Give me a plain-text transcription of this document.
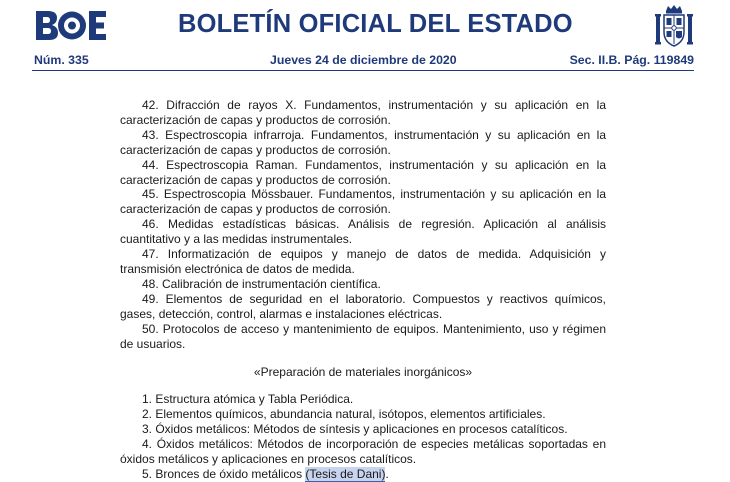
BOLETÍN OFICIAL DEL ESTADO
Núm. 335	Jueves 24 de diciembre de 2020	Sec. II.B. Pág. 119849

42. Difracción de rayos X. Fundamentos, instrumentación y su aplicación en la caracterización de capas y productos de corrosión.

43. Espectroscopia infrarroja. Fundamentos, instrumentación y su aplicación en la caracterización de capas y productos de corrosión.

44. Espectroscopia Raman. Fundamentos, instrumentación y su aplicación en la caracterización de capas y productos de corrosión.

45. Espectroscopia Mössbauer. Fundamentos, instrumentación y su aplicación en la caracterización de capas y productos de corrosión.

46. Medidas estadísticas básicas. Análisis de regresión. Aplicación al análisis cuantitativo y a las medidas instrumentales.

47. Informatización de equipos y manejo de datos de medida. Adquisición y transmisión electrónica de datos de medida.

48. Calibración de instrumentación científica.

49. Elementos de seguridad en el laboratorio. Compuestos y reactivos químicos, gases, detección, control, alarmas e instalaciones eléctricas.

50. Protocolos de acceso y mantenimiento de equipos. Mantenimiento, uso y régimen de usuarios.

«Preparación de materiales inorgánicos»

1. Estructura atómica y Tabla Periódica.

2. Elementos químicos, abundancia natural, isótopos, elementos artificiales.

3. Óxidos metálicos: Métodos de síntesis y aplicaciones en procesos catalíticos.

4. Óxidos metálicos: Métodos de incorporación de especies metálicas soportadas en óxidos metálicos y aplicaciones en procesos catalíticos.

5. Bronces de óxido metálicos (Tesis de Dani).
